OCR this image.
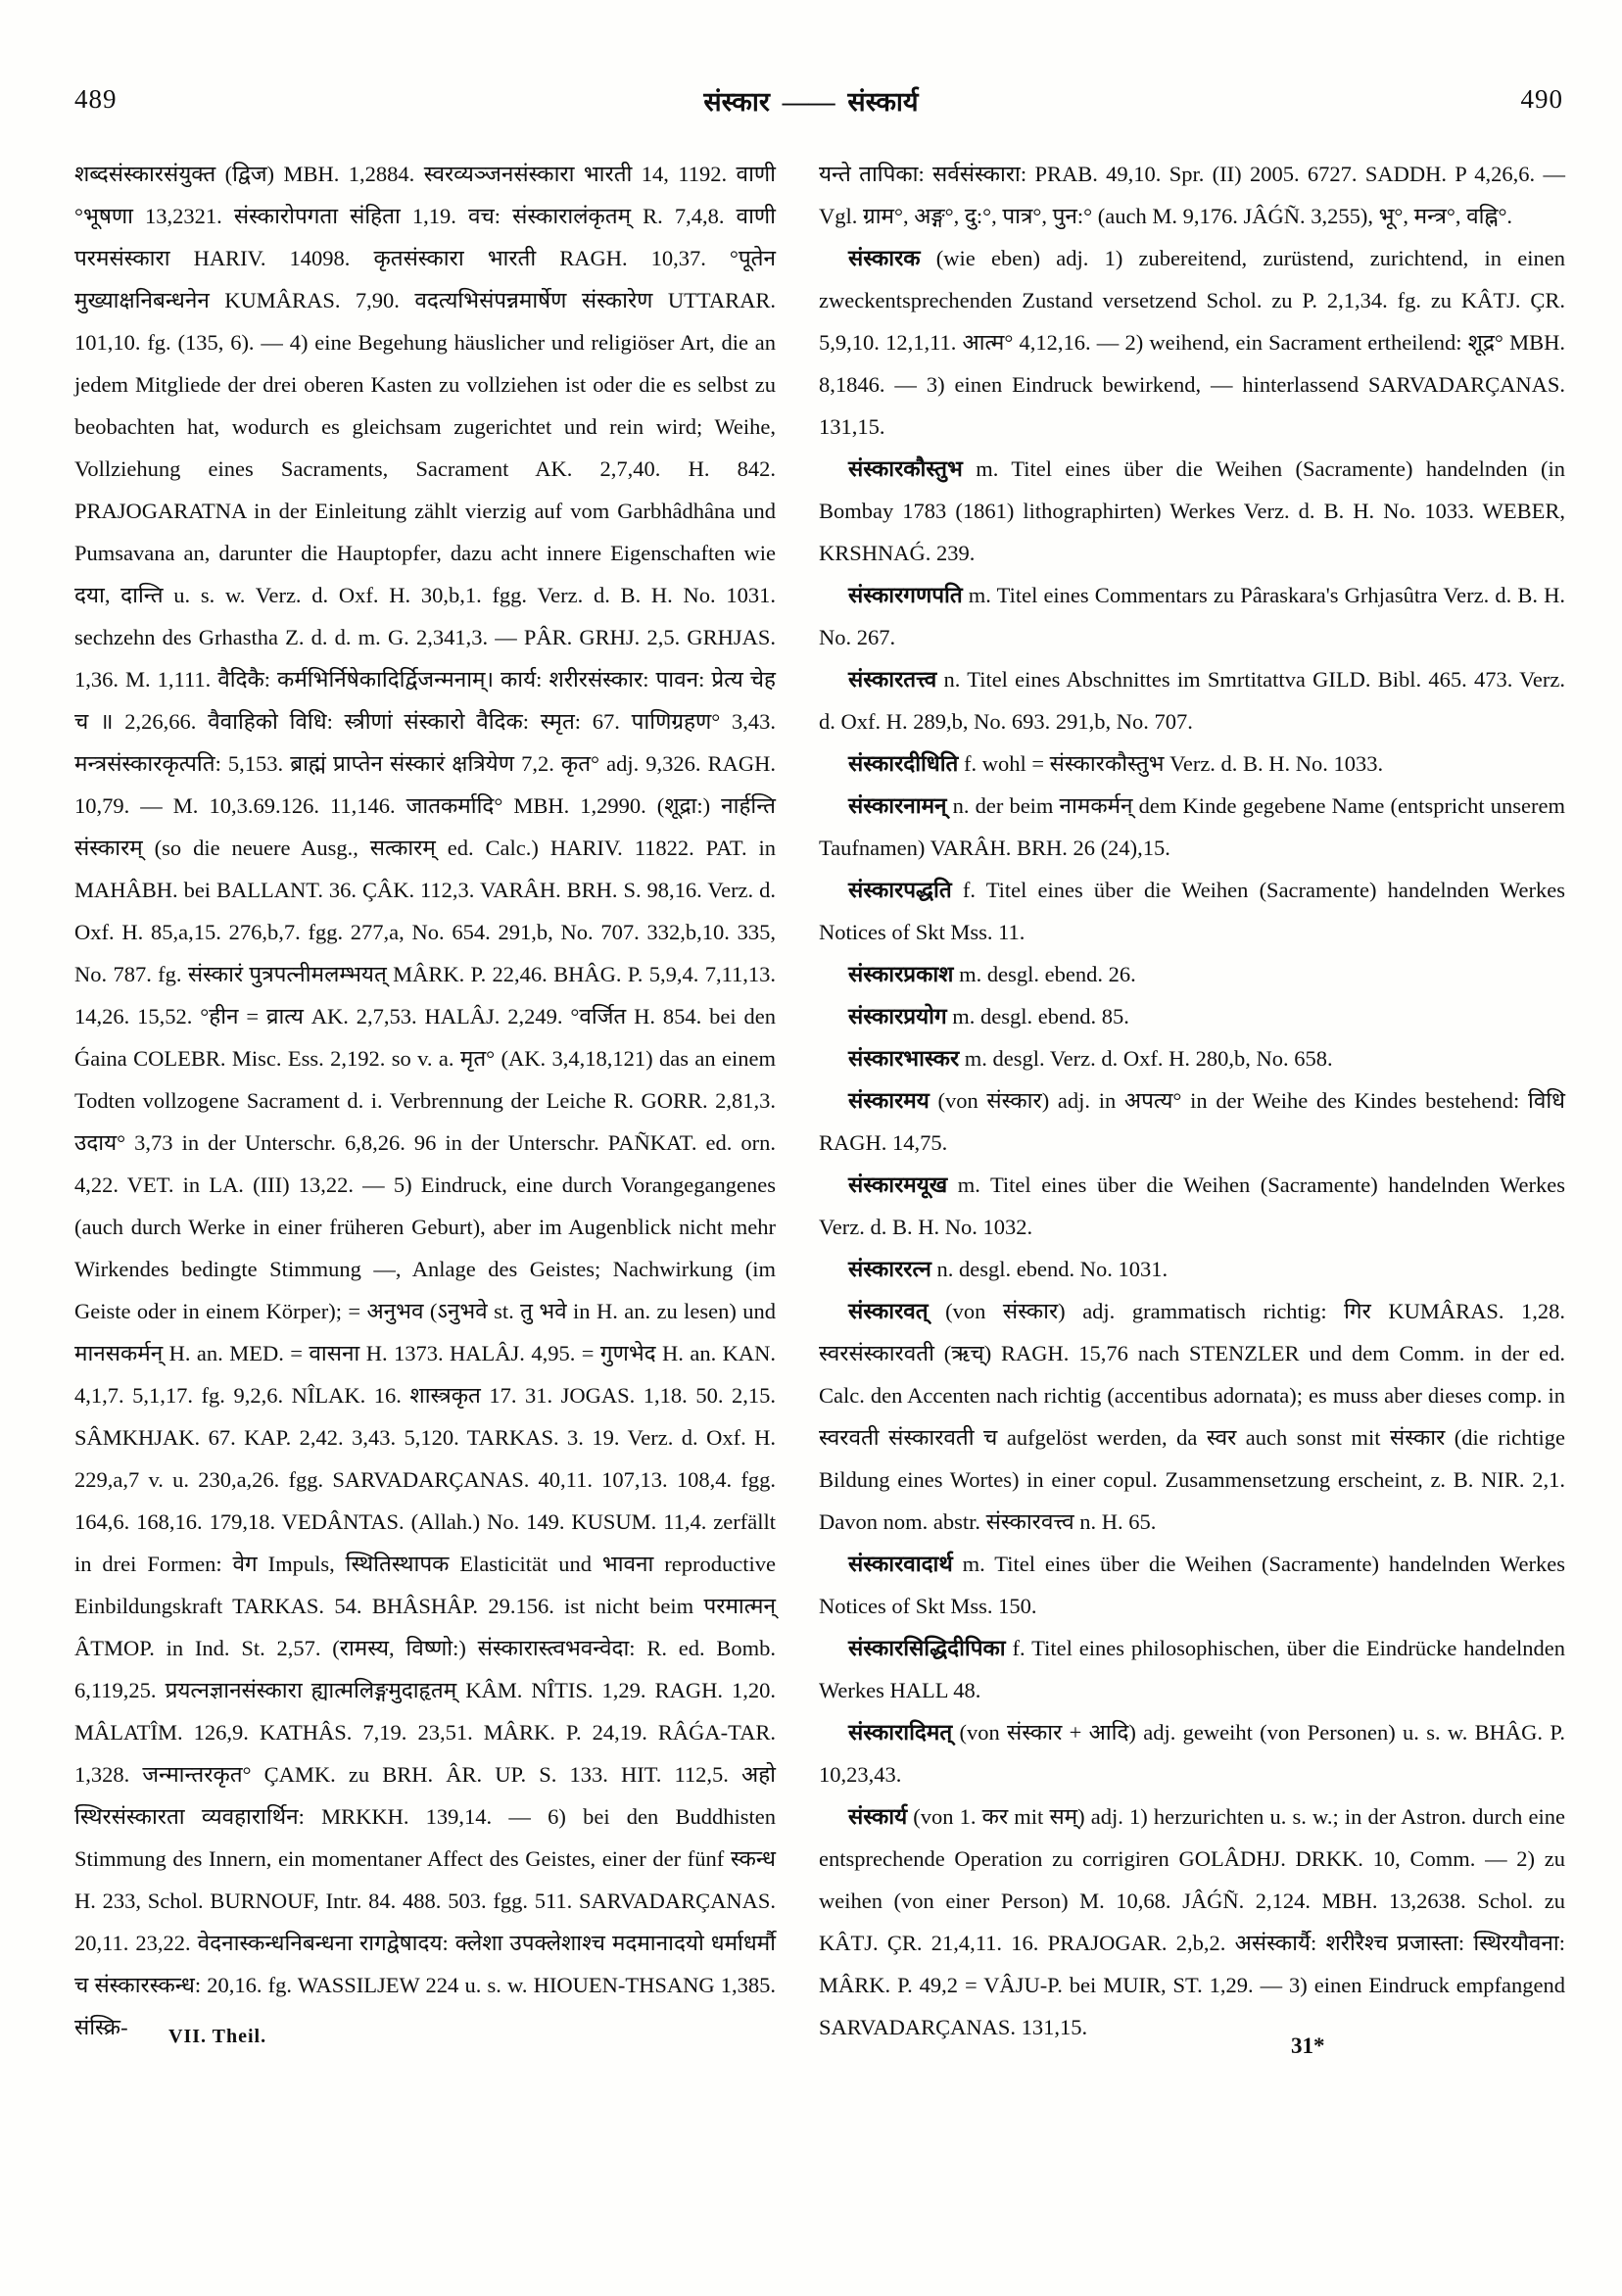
489	संस्कार —— संस्कार्य	490

शब्दसंस्कारसंयुक्त (द्विज) MBH. 1,2884. स्वरव्यञ्जनसंस्कारा भारती 14, 1192. वाणी °भूषणा 13,2321. संस्कारोपगता संहिता 1,19. वच: संस्कारालंकृतम् R. 7,4,8. वाणी परमसंस्कारा HARIV. 14098. कृतसंस्कारा भारती RAGH. 10,37. °पूतेन मुख्याक्षनिबन्धनेन KUMÂRAS. 7,90. वदत्यभिसंपन्नमार्षेण संस्कारेण UTTARAR. 101,10. fg. (135, 6). — 4) eine Begehung häuslicher und religiöser Art, die an jedem Mitgliede der drei oberen Kasten zu vollziehen ist oder die es selbst zu beobachten hat, wodurch es gleichsam zugerichtet und rein wird; Weihe, Vollziehung eines Sacraments, Sacrament AK. 2,7,40. H. 842. PRAJOGARATNA in der Einleitung zählt vierzig auf vom Garbhâdhâna und Pumsavana an, darunter die Hauptopfer, dazu acht innere Eigenschaften wie दया, दान्ति u. s. w. Verz. d. Oxf. H. 30,b,1. fgg. Verz. d. B. H. No. 1031. sechzehn des Grhastha Z. d. d. m. G. 2,341,3. — PÂR. GRHJ. 2,5. GRHJAS. 1,36. M. 1,111. वैदिकै: कर्मभिर्निषेकादिर्द्विजन्मनाम्। कार्य: शरीरसंस्कार: पावन: प्रेत्य चेह च ॥ 2,26,66. वैवाहिको विधि: स्त्रीणां संस्कारो वैदिक: स्मृत: 67. पाणिग्रहण° 3,43. मन्त्रसंस्कारकृत्पति: 5,153. ब्राह्मं प्राप्तेन संस्कारं क्षत्रियेण 7,2. कृत° adj. 9,326. RAGH. 10,79. — M. 10,3.69.126. 11,146. जातकर्मादि° MBH. 1,2990. (शूद्रा:) नार्हन्ति संस्कारम् (so die neuere Ausg., सत्कारम् ed. Calc.) HARIV. 11822. PAT. in MAHÂBH. bei BALLANT. 36. ÇÂK. 112,3. VARÂH. BRH. S. 98,16. Verz. d. Oxf. H. 85,a,15. 276,b,7. fgg. 277,a, No. 654. 291,b, No. 707. 332,b,10. 335, No. 787. fg. संस्कारं पुत्रपत्नीमलम्भयत् MÂRK. P. 22,46. BHÂG. P. 5,9,4. 7,11,13. 14,26. 15,52. °हीन = व्रात्य AK. 2,7,53. HALÂJ. 2,249. °वर्जित H. 854. bei den Ǵaina COLEBR. Misc. Ess. 2,192. so v. a. मृत° (AK. 3,4,18,121) das an einem Todten vollzogene Sacrament d. i. Verbrennung der Leiche R. GORR. 2,81,3. उदाय° 3,73 in der Unterschr. 6,8,26. 96 in der Unterschr. PAÑKAT. ed. orn. 4,22. VET. in LA. (III) 13,22. — 5) Eindruck, eine durch Vorangegangenes (auch durch Werke in einer früheren Geburt), aber im Augenblick nicht mehr Wirkendes bedingte Stimmung —, Anlage des Geistes; Nachwirkung (im Geiste oder in einem Körper); = अनुभव (ऽनुभवे st. तु भवे in H. an. zu lesen) und मानसकर्मन् H. an. MED. = वासना H. 1373. HALÂJ. 4,95. = गुणभेद H. an. KAN. 4,1,7. 5,1,17. fg. 9,2,6. NÎLAK. 16. शास्त्रकृत 17. 31. JOGAS. 1,18. 50. 2,15. SÂMKHJAK. 67. KAP. 2,42. 3,43. 5,120. TARKAS. 3. 19. Verz. d. Oxf. H. 229,a,7 v. u. 230,a,26. fgg. SARVADARÇANAS. 40,11. 107,13. 108,4. fgg. 164,6. 168,16. 179,18. VEDÂNTAS. (Allah.) No. 149. KUSUM. 11,4. zerfällt in drei Formen: वेग Impuls, स्थितिस्थापक Elasticität und भावना reproductive Einbildungskraft TARKAS. 54. BHÂSHÂP. 29.156. ist nicht beim परमात्मन् ÂTMOP. in Ind. St. 2,57. (रामस्य, विष्णो:) संस्कारास्त्वभवन्वेदा: R. ed. Bomb. 6,119,25. प्रयत्नज्ञानसंस्कारा ह्यात्मलिङ्गमुदाहृतम् KÂM. NÎTIS. 1,29. RAGH. 1,20. MÂLATÎM. 126,9. KATHÂS. 7,19. 23,51. MÂRK. P. 24,19. RÂǴA-TAR. 1,328. जन्मान्तरकृत° ÇAMK. zu BRH. ÂR. UP. S. 133. HIT. 112,5. अहो स्थिरसंस्कारता व्यवहारार्थिन: MRKKH. 139,14. — 6) bei den Buddhisten Stimmung des Innern, ein momentaner Affect des Geistes, einer der fünf स्कन्ध H. 233, Schol. BURNOUF, Intr. 84. 488. 503. fgg. 511. SARVADARÇANAS. 20,11. 23,22. वेदनास्कन्धनिबन्धना रागद्वेषादय: क्लेशा उपक्लेशाश्च मदमानादयो धर्माधर्मौ च संस्कारस्कन्ध: 20,16. fg. WASSILJEW 224 u. s. w. HIOUEN-THSANG 1,385. संस्क्रि-

यन्ते तापिका: सर्वसंस्कारा: PRAB. 49,10. Spr. (II) 2005. 6727. SADDH. P 4,26,6. — Vgl. ग्राम°, अङ्ग°, दु:°, पात्र°, पुन:° (auch M. 9,176. JÂǴÑ. 3,255), भू°, मन्त्र°, वह्नि°.

संस्कारक (wie eben) adj. 1) zubereitend, zurüstend, zurichtend, in einen zweckentsprechenden Zustand versetzend Schol. zu P. 2,1,34. fg. zu KÂTJ. ÇR. 5,9,10. 12,1,11. आत्म° 4,12,16. — 2) weihend, ein Sacrament ertheilend: शूद्र° MBH. 8,1846. — 3) einen Eindruck bewirkend, — hinterlassend SARVADARÇANAS. 131,15.

संस्कारकौस्तुभ m. Titel eines über die Weihen (Sacramente) handelnden (in Bombay 1783 (1861) lithographirten) Werkes Verz. d. B. H. No. 1033. WEBER, KRSHNAǴ. 239.

संस्कारगणपति m. Titel eines Commentars zu Pâraskara's Grhjasûtra Verz. d. B. H. No. 267.

संस्कारतत्त्व n. Titel eines Abschnittes im Smrtitattva GILD. Bibl. 465. 473. Verz. d. Oxf. H. 289,b, No. 693. 291,b, No. 707.

संस्कारदीधिति f. wohl = संस्कारकौस्तुभ Verz. d. B. H. No. 1033.

संस्कारनामन् n. der beim नामकर्मन् dem Kinde gegebene Name (entspricht unserem Taufnamen) VARÂH. BRH. 26 (24),15.

संस्कारपद्धति f. Titel eines über die Weihen (Sacramente) handelnden Werkes Notices of Skt Mss. 11.

संस्कारप्रकाश m. desgl. ebend. 26.

संस्कारप्रयोग m. desgl. ebend. 85.

संस्कारभास्कर m. desgl. Verz. d. Oxf. H. 280,b, No. 658.

संस्कारमय (von संस्कार) adj. in अपत्य° in der Weihe des Kindes bestehend: विधि RAGH. 14,75.

संस्कारमयूख m. Titel eines über die Weihen (Sacramente) handelnden Werkes Verz. d. B. H. No. 1032.

संस्काररत्न n. desgl. ebend. No. 1031.

संस्कारवत् (von संस्कार) adj. grammatisch richtig: गिर KUMÂRAS. 1,28. स्वरसंस्कारवती (ऋच्) RAGH. 15,76 nach STENZLER und dem Comm. in der ed. Calc. den Accenten nach richtig (accentibus adornata); es muss aber dieses comp. in स्वरवती संस्कारवती च aufgelöst werden, da स्वर auch sonst mit संस्कार (die richtige Bildung eines Wortes) in einer copul. Zusammensetzung erscheint, z. B. NIR. 2,1. Davon nom. abstr. संस्कारवत्त्व n. H. 65.

संस्कारवादार्थ m. Titel eines über die Weihen (Sacramente) handelnden Werkes Notices of Skt Mss. 150.

संस्कारसिद्धिदीपिका f. Titel eines philosophischen, über die Eindrücke handelnden Werkes HALL 48.

संस्कारादिमत् (von संस्कार + आदि) adj. geweiht (von Personen) u. s. w. BHÂG. P. 10,23,43.

संस्कार्य (von 1. कर mit सम्) adj. 1) herzurichten u. s. w.; in der Astron. durch eine entsprechende Operation zu corrigiren GOLÂDHJ. DRKK. 10, Comm. — 2) zu weihen (von einer Person) M. 10,68. JÂǴÑ. 2,124. MBH. 13,2638. Schol. zu KÂTJ. ÇR. 21,4,11. 16. PRAJOGAR. 2,b,2. असंस्कार्यै: शरीरैश्च प्रजास्ता: स्थिरयौवना: MÂRK. P. 49,2 = VÂJU-P. bei MUIR, ST. 1,29. — 3) einen Eindruck empfangend SARVADARÇANAS. 131,15.

VII. Theil.	31*
